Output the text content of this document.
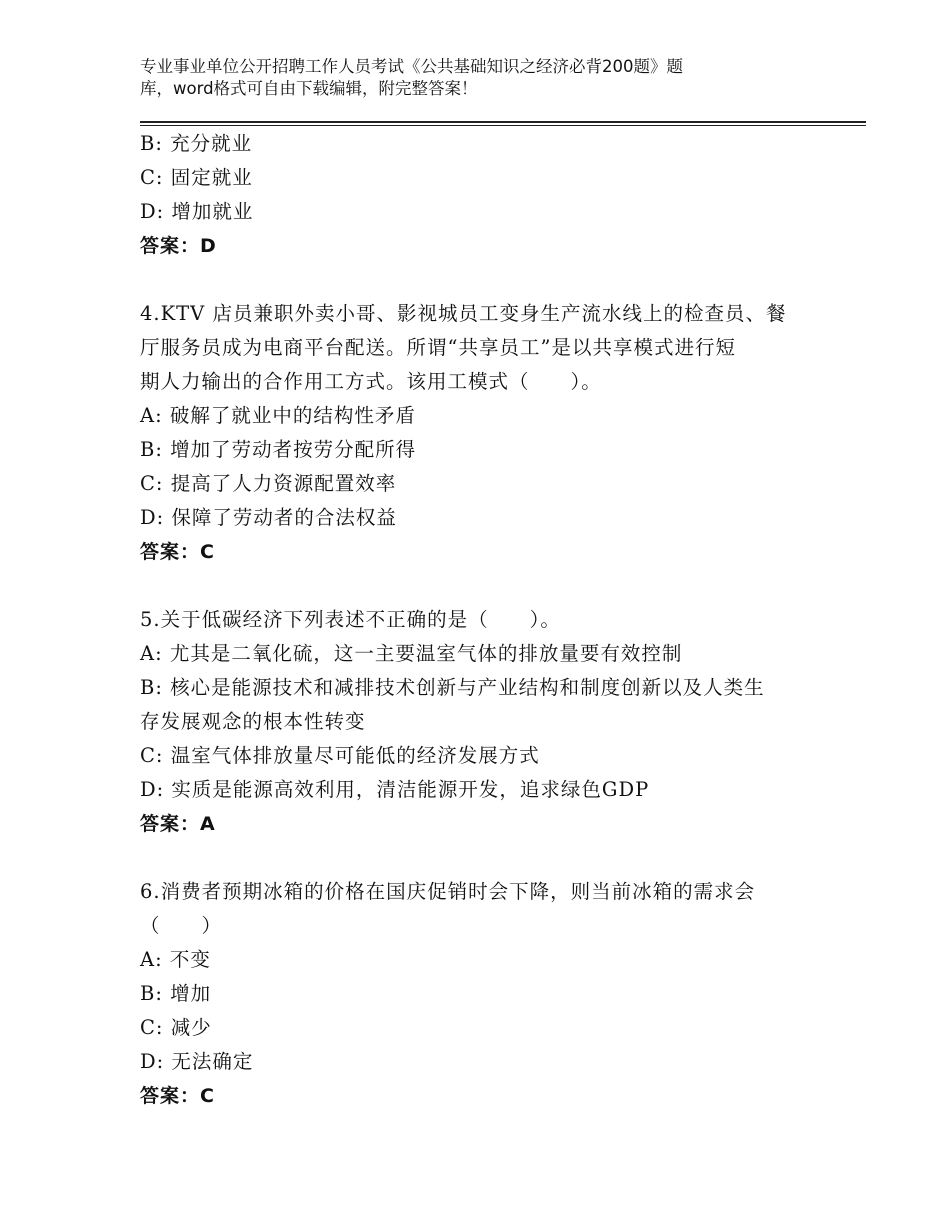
专业事业单位公开招聘工作人员考试《公共基础知识之经济必背200题》题
库，word格式可自由下载编辑，附完整答案！
B: 充分就业
C: 固定就业
D: 增加就业
答案：D
4.KTV 店员兼职外卖小哥、影视城员工变身生产流水线上的检查员、餐
厅服务员成为电商平台配送。所谓“共享员工”是以共享模式进行短
期人力输出的合作用工方式。该用工模式（　　）。
A: 破解了就业中的结构性矛盾
B: 增加了劳动者按劳分配所得
C: 提高了人力资源配置效率
D: 保障了劳动者的合法权益
答案：C
5.关于低碳经济下列表述不正确的是（　　）。
A: 尤其是二氧化硫，这一主要温室气体的排放量要有效控制
B: 核心是能源技术和减排技术创新与产业结构和制度创新以及人类生
存发展观念的根本性转变
C: 温室气体排放量尽可能低的经济发展方式
D: 实质是能源高效利用，清洁能源开发，追求绿色GDP
答案：A
6.消费者预期冰箱的价格在国庆促销时会下降，则当前冰箱的需求会
（　　）
A: 不变
B: 增加
C: 减少
D: 无法确定
答案：C
